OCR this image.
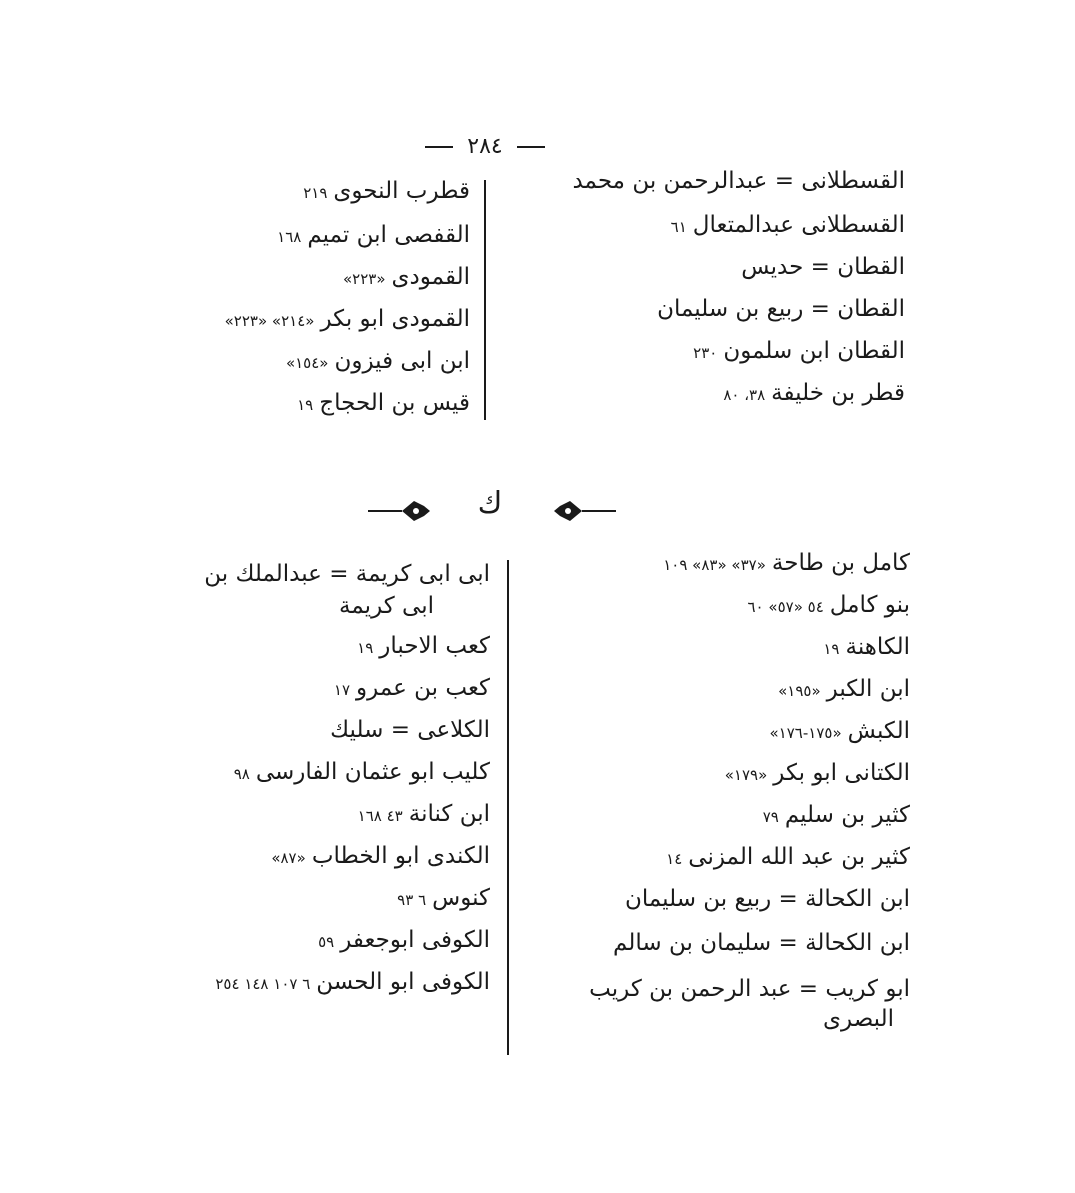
٢٨٤
القسطلانى = عبدالرحمن بن محمد
القسطلانى عبدالمتعال٦١
القطان = حديس
القطان = ربيع بن سليمان
القطان ابن سلمون٢٣٠
قطر بن خليفة٣٨، ٨٠
قطرب النحوى٢١٩
القفصى ابن تميم١٦٨
القمودى«٢٢٣»
القمودى ابو بكر«٢١٤» «٢٢٣»
ابن ابى فيزون«١٥٤»
قيس بن الحجاج١٩
ك
كامل بن طاحة«٣٧» «٨٣» ١٠٩
بنو كامل٥٤ «٥٧» ٦٠
الكاهنة١٩
ابن الكبر«١٩٥»
الكبش«١٧٥-١٧٦»
الكتانى ابو بكر«١٧٩»
كثير بن سليم٧٩
كثير بن عبد الله المزنى١٤
ابن الكحالة = ربيع بن سليمان
ابن الكحالة = سليمان بن سالم
ابو كريب = عبد الرحمن بن كريب
البصرى
ابى ابى كريمة = عبدالملك بن
ابى كريمة
كعب الاحبار١٩
كعب بن عمرو١٧
الكلاعى = سليك
كليب ابو عثمان الفارسى٩٨
ابن كنانة٤٣ ١٦٨
الكندى ابو الخطاب«٨٧»
كنوس٦ ٩٣
الكوفى ابوجعفر٥٩
الكوفى ابو الحسن٦ ١٠٧ ١٤٨ ٢٥٤
